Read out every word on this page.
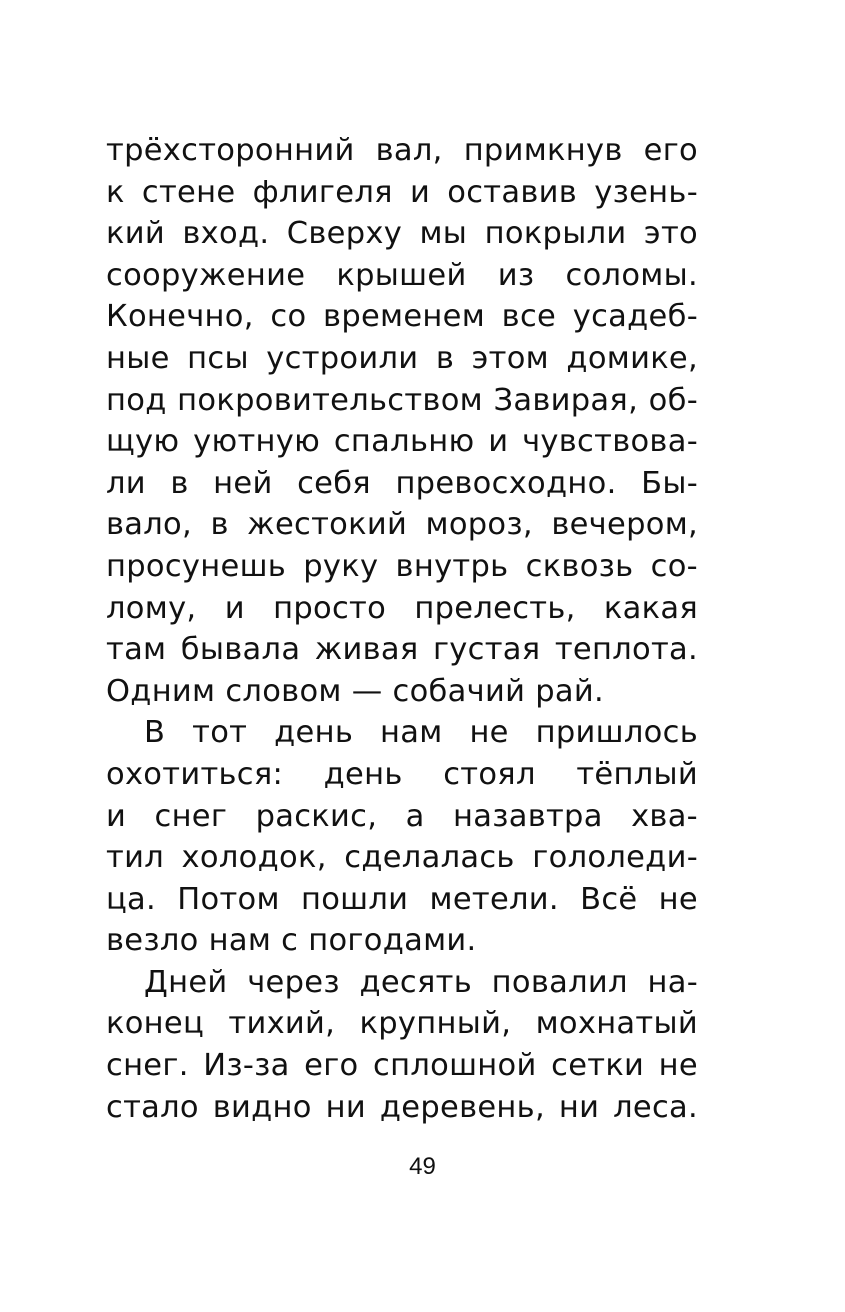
трёхсторонний вал, примкнув его
к стене флигеля и оставив узень-
кий вход. Сверху мы покрыли это
сооружение крышей из соломы.
Конечно, со временем все усадеб-
ные псы устроили в этом домике,
под покровительством Завирая, об-
щую уютную спальню и чувствова-
ли в ней себя превосходно. Бы-
вало, в жестокий мороз, вечером,
просунешь руку внутрь сквозь со-
лому, и просто прелесть, какая
там бывала живая густая теплота.
Одним словом — собачий рай.
В тот день нам не пришлось
охотиться: день стоял тёплый
и снег раскис, а назавтра хва-
тил холодок, сделалась гололеди-
ца. Потом пошли метели. Всё не
везло нам с погодами.
Дней через десять повалил на-
конец тихий, крупный, мохнатый
снег. Из-за его сплошной сетки не
стало видно ни деревень, ни леса.
49
